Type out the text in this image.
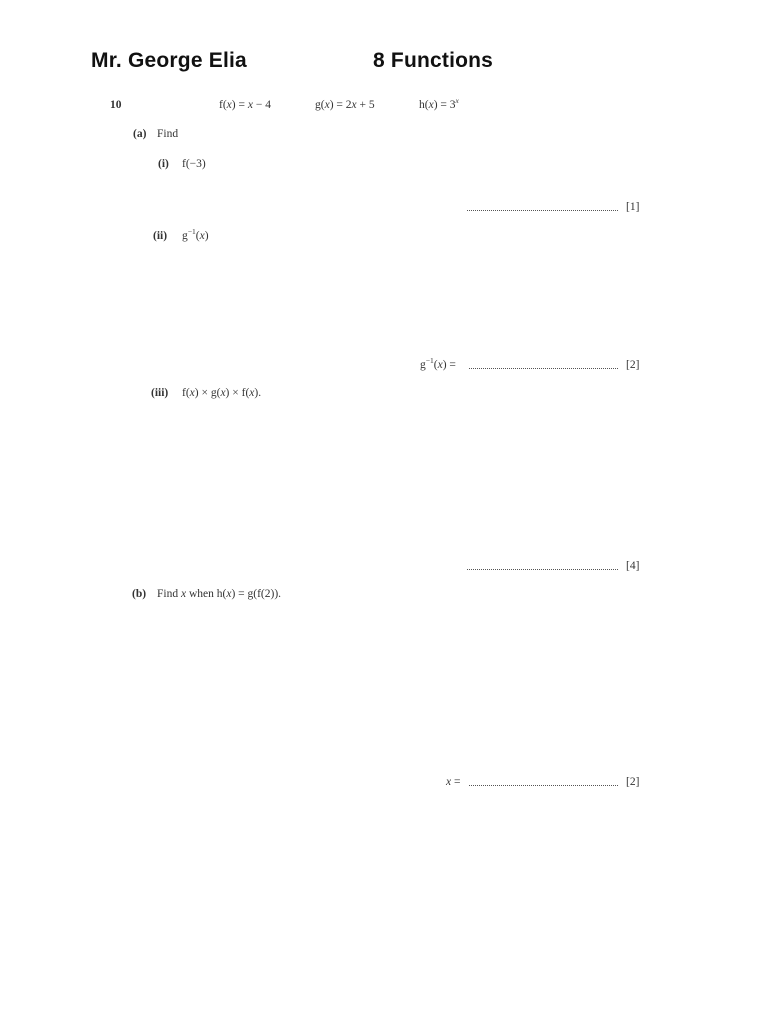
Mr. George Elia	8 Functions
10	f(x) = x − 4	g(x) = 2x + 5	$h(x) = 3^x$
(a) Find
(i) f(−3)
[1]
(ii) $g^{-1}(x)$
$g^{-1}(x)$ =	[2]
(iii) f(x) × g(x) × f(x).
[4]
(b) Find x when h(x) = g(f(2)).
x =	[2]
